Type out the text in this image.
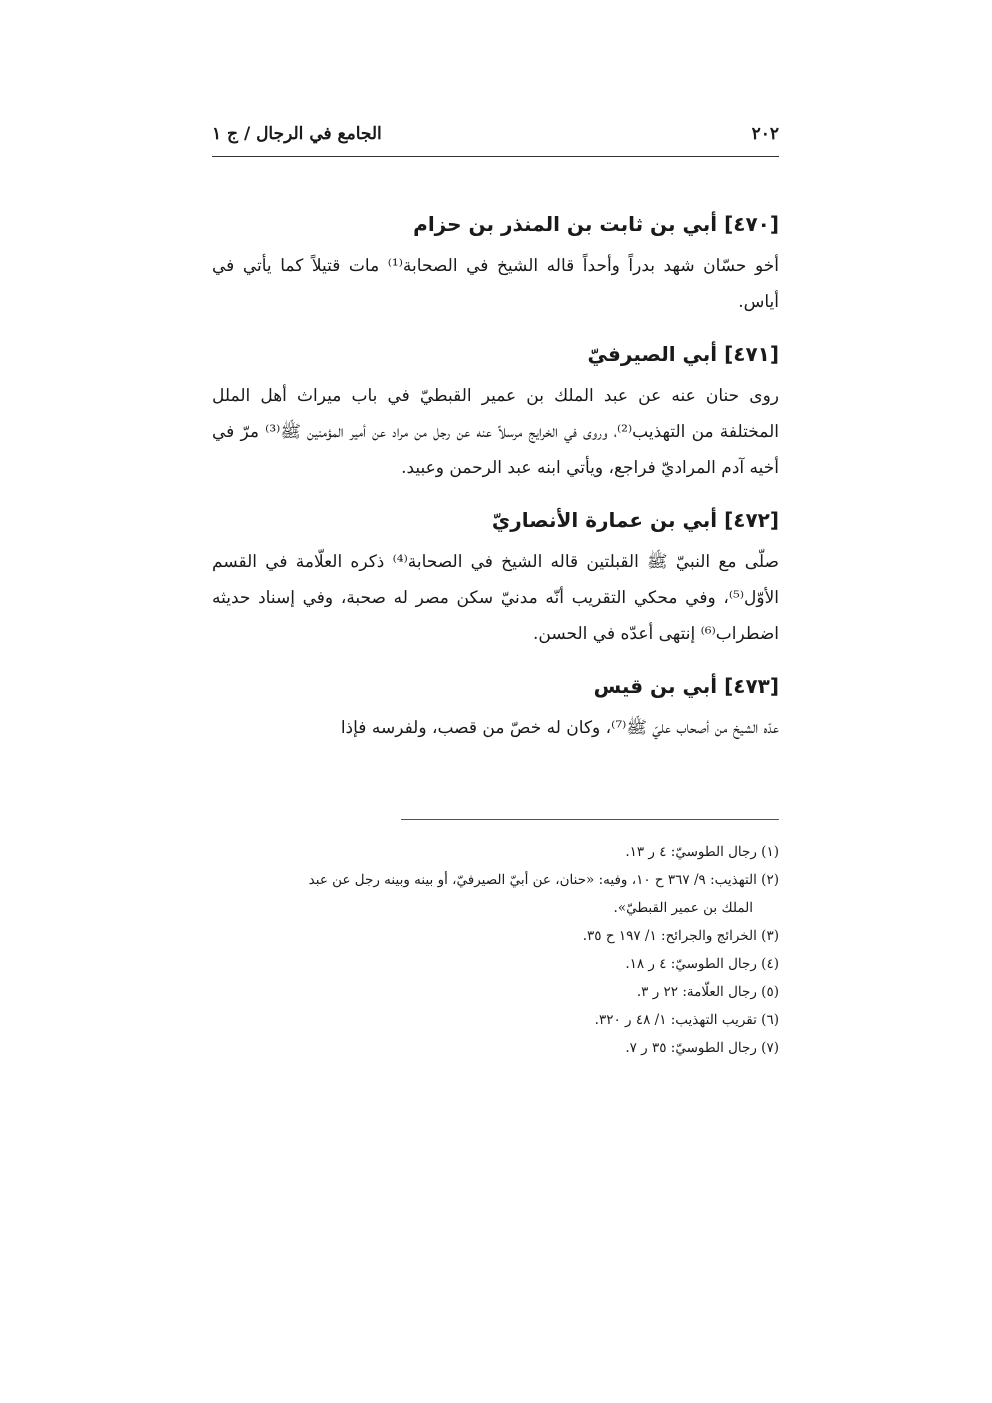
٢٠٢
الجامع في الرجال / ج ١
[٤٧٠] أبي بن ثابت بن المنذر بن حزام

أخو حسّان شهد بدراً وأحداً قاله الشيخ في الصحابة⁽¹⁾ مات قتيلاً كما يأتي في أياس.

[٤٧١] أبي الصيرفيّ

روى حنان عنه عن عبد الملك بن عمير القبطيّ في باب ميراث أهل الملل المختلفة من التهذيب⁽²⁾، وروى في الخرايج مرسلاً عنه عن رجل من مراد عن أمير المؤمنين ﷺ⁽³⁾ مرّ في أخيه آدم المراديّ فراجع، ويأتي ابنه عبد الرحمن وعبيد.

[٤٧٢] أبي بن عمارة الأنصاريّ

صلّى مع النبيّ ﷺ القبلتين قاله الشيخ في الصحابة⁽⁴⁾ ذكره العلّامة في القسم الأوّل⁽⁵⁾، وفي محكي التقريب أنّه مدنيّ سكن مصر له صحبة، وفي إسناد حديثه اضطراب⁽⁶⁾ إنتهى أعدّه في الحسن.

[٤٧٣] أبي بن قيس

عدّه الشيخ من أصحاب عليّ ﷺ⁽⁷⁾، وكان له خصّ من قصب، ولفرسه فإذا

(١) رجال الطوسيّ: ٤ ر ١٣.
(٢) التهذيب: ٩/ ٣٦٧ ح ١٠، وفيه: «حنان، عن أبيّ الصيرفيّ، أو بينه وبينه رجل عن عبد
الملك بن عمير القبطيّ».
(٣) الخرائج والجرائح: ١/ ١٩٧ ح ٣٥.
(٤) رجال الطوسيّ: ٤ ر ١٨.
(٥) رجال العلّامة: ٢٢ ر ٣.
(٦) تقريب التهذيب: ١/ ٤٨ ر ٣٢٠.
(٧) رجال الطوسيّ: ٣٥ ر ٧.
